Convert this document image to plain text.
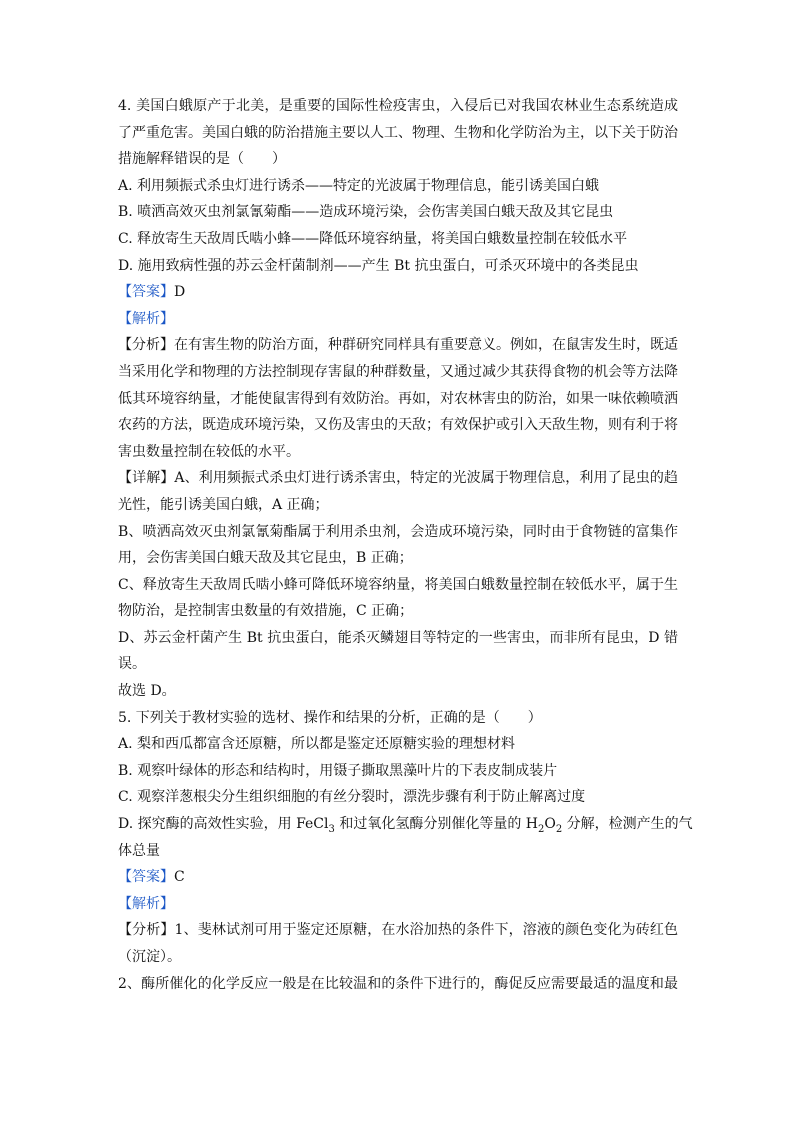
4. 美国白蛾原产于北美，是重要的国际性检疫害虫，入侵后已对我国农林业生态系统造成
了严重危害。美国白蛾的防治措施主要以人工、物理、生物和化学防治为主，以下关于防治
措施解释错误的是（　　）
A. 利用频振式杀虫灯进行诱杀——特定的光波属于物理信息，能引诱美国白蛾
B. 喷洒高效灭虫剂氯氰菊酯——造成环境污染，会伤害美国白蛾天敌及其它昆虫
C. 释放寄生天敌周氏啮小蜂——降低环境容纳量，将美国白蛾数量控制在较低水平
D. 施用致病性强的苏云金杆菌制剂——产生 Bt 抗虫蛋白，可杀灭环境中的各类昆虫
【答案】D
【解析】
【分析】在有害生物的防治方面，种群研究同样具有重要意义。例如，在鼠害发生时，既适
当采用化学和物理的方法控制现存害鼠的种群数量，又通过减少其获得食物的机会等方法降
低其环境容纳量，才能使鼠害得到有效防治。再如，对农林害虫的防治，如果一味依赖喷洒
农药的方法，既造成环境污染，又伤及害虫的天敌；有效保护或引入天敌生物，则有利于将
害虫数量控制在较低的水平。
【详解】A、利用频振式杀虫灯进行诱杀害虫，特定的光波属于物理信息，利用了昆虫的趋
光性，能引诱美国白蛾，A 正确；
B、喷洒高效灭虫剂氯氰菊酯属于利用杀虫剂，会造成环境污染，同时由于食物链的富集作
用，会伤害美国白蛾天敌及其它昆虫，B 正确；
C、释放寄生天敌周氏啮小蜂可降低环境容纳量，将美国白蛾数量控制在较低水平，属于生
物防治，是控制害虫数量的有效措施，C 正确；
D、苏云金杆菌产生 Bt 抗虫蛋白，能杀灭鳞翅目等特定的一些害虫，而非所有昆虫，D 错
误。
故选 D。
5. 下列关于教材实验的选材、操作和结果的分析，正确的是（　　）
A. 梨和西瓜都富含还原糖，所以都是鉴定还原糖实验的理想材料
B. 观察叶绿体的形态和结构时，用镊子撕取黑藻叶片的下表皮制成装片
C. 观察洋葱根尖分生组织细胞的有丝分裂时，漂洗步骤有利于防止解离过度
D. 探究酶的高效性实验，用 FeCl$_3$ 和过氧化氢酶分别催化等量的 $H_2O_2$ 分解，检测产生的气
体总量
【答案】C
【解析】
【分析】1、斐林试剂可用于鉴定还原糖，在水浴加热的条件下，溶液的颜色变化为砖红色
（沉淀）。
2、酶所催化的化学反应一般是在比较温和的条件下进行的，酶促反应需要最适的温度和最
